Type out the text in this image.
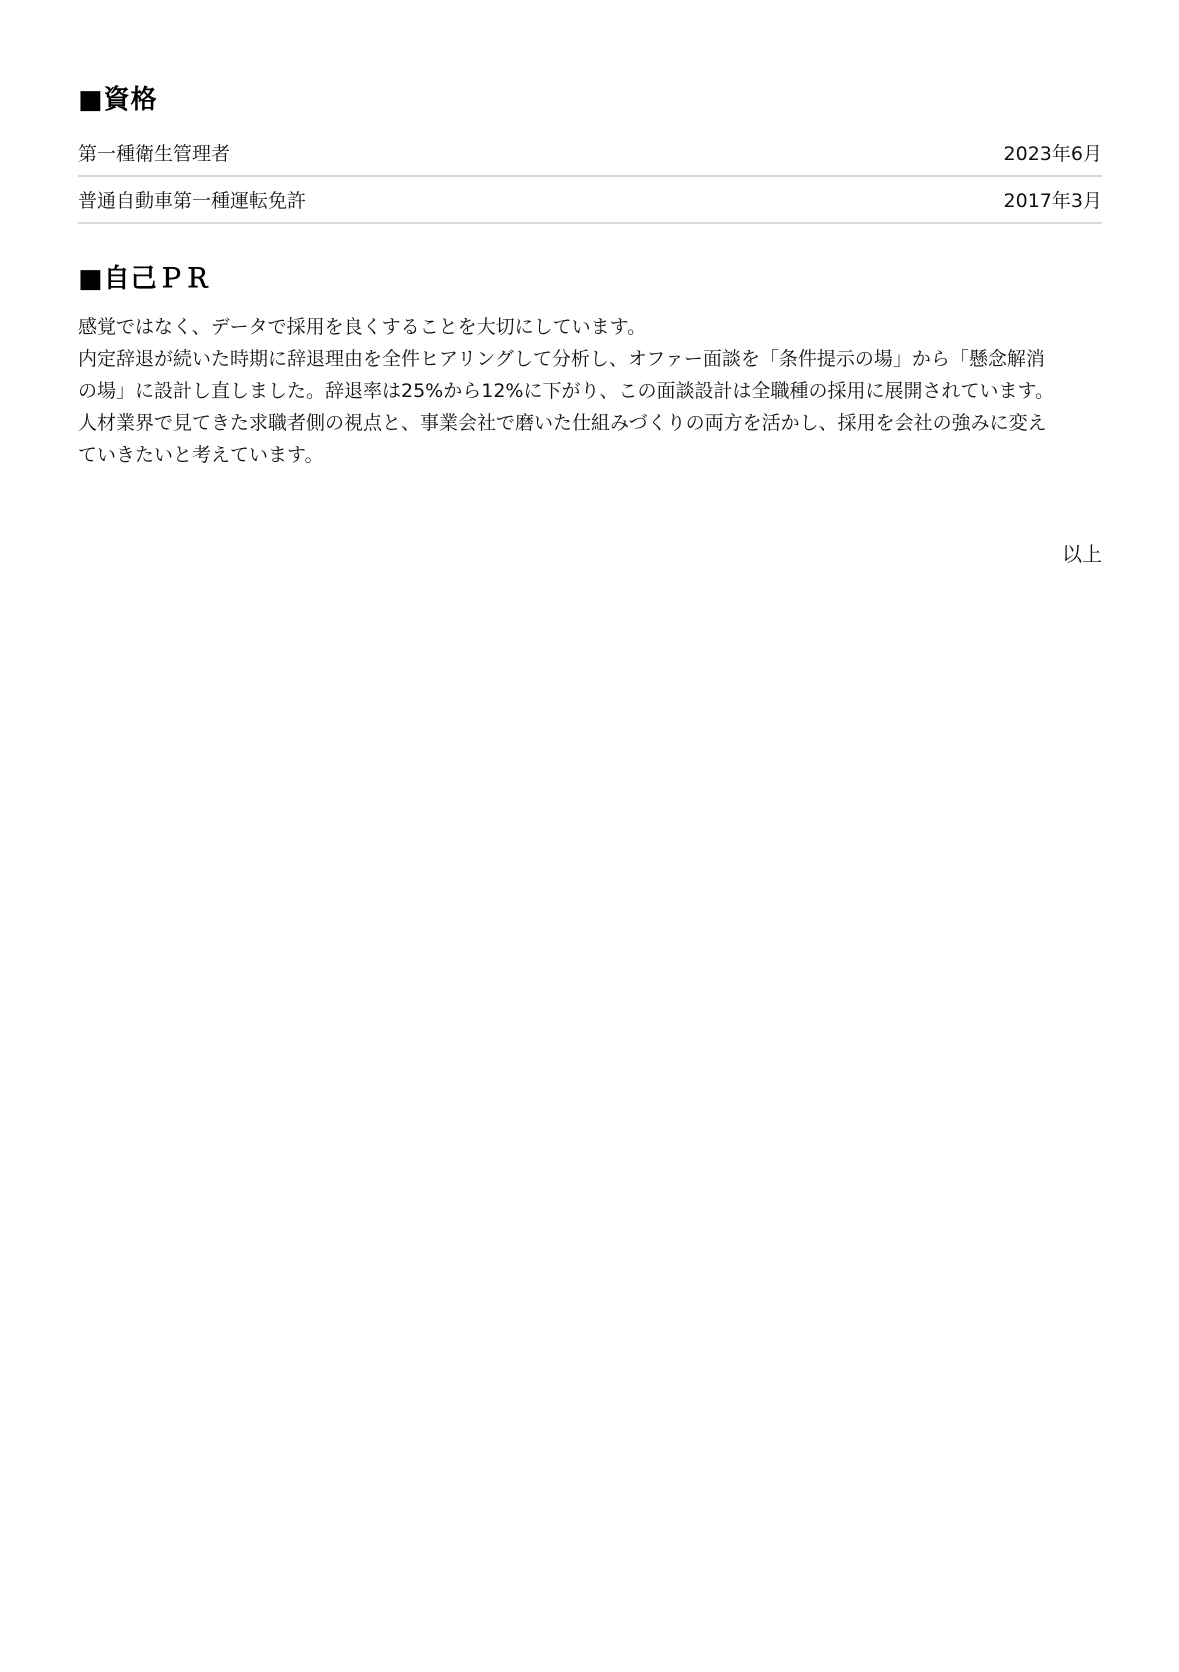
■資格
第一種衛生管理者	2023年6月
普通自動車第一種運転免許	2017年3月
■自己ＰＲ
感覚ではなく、データで採用を良くすることを大切にしています。
内定辞退が続いた時期に辞退理由を全件ヒアリングして分析し、オファー面談を「条件提示の場」から「懸念解消
の場」に設計し直しました。辞退率は25%から12%に下がり、この面談設計は全職種の採用に展開されています。
人材業界で見てきた求職者側の視点と、事業会社で磨いた仕組みづくりの両方を活かし、採用を会社の強みに変え
ていきたいと考えています。
以上
